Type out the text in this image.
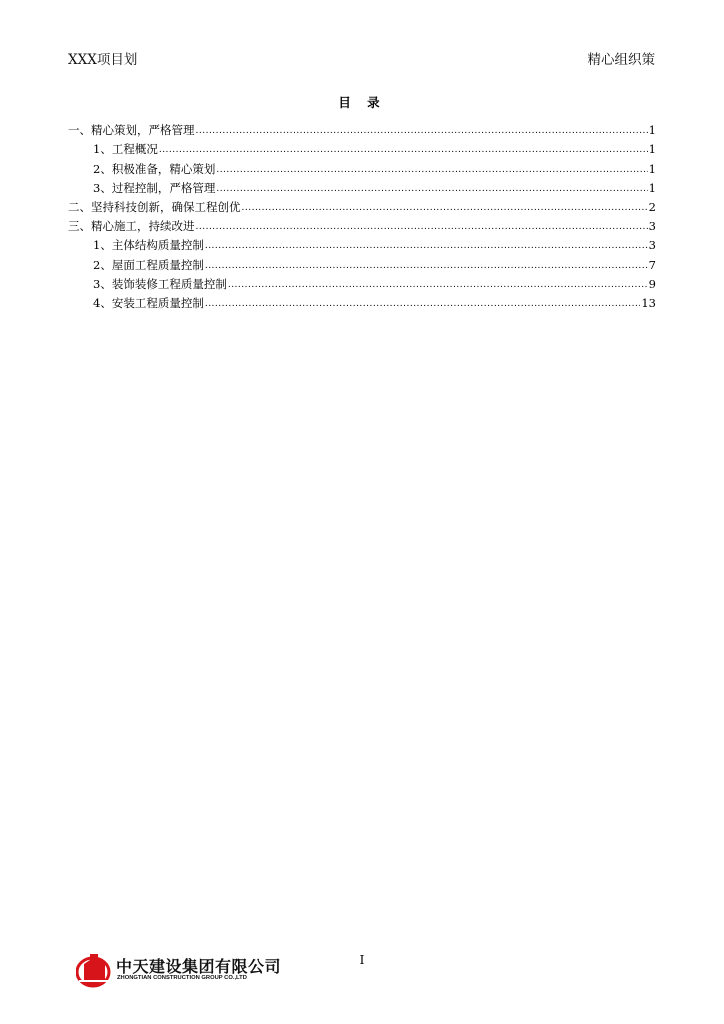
XXX项目划	精心组织策
目 录
一、精心策划，严格管理 .....	1
1、工程概况 .....	1
2、积极准备，精心策划 .....	1
3、过程控制，严格管理 .....	1
二、坚持科技创新，确保工程创优 .....	2
三、精心施工，持续改进 .....	3
1、主体结构质量控制 .....	3
2、屋面工程质量控制 .....	7
3、装饰装修工程质量控制 .....	9
4、安装工程质量控制 .....	13
中天建设集团有限公司
ZHONGTIAN CONSTRUCTION GROUP CO.,LTD
I
